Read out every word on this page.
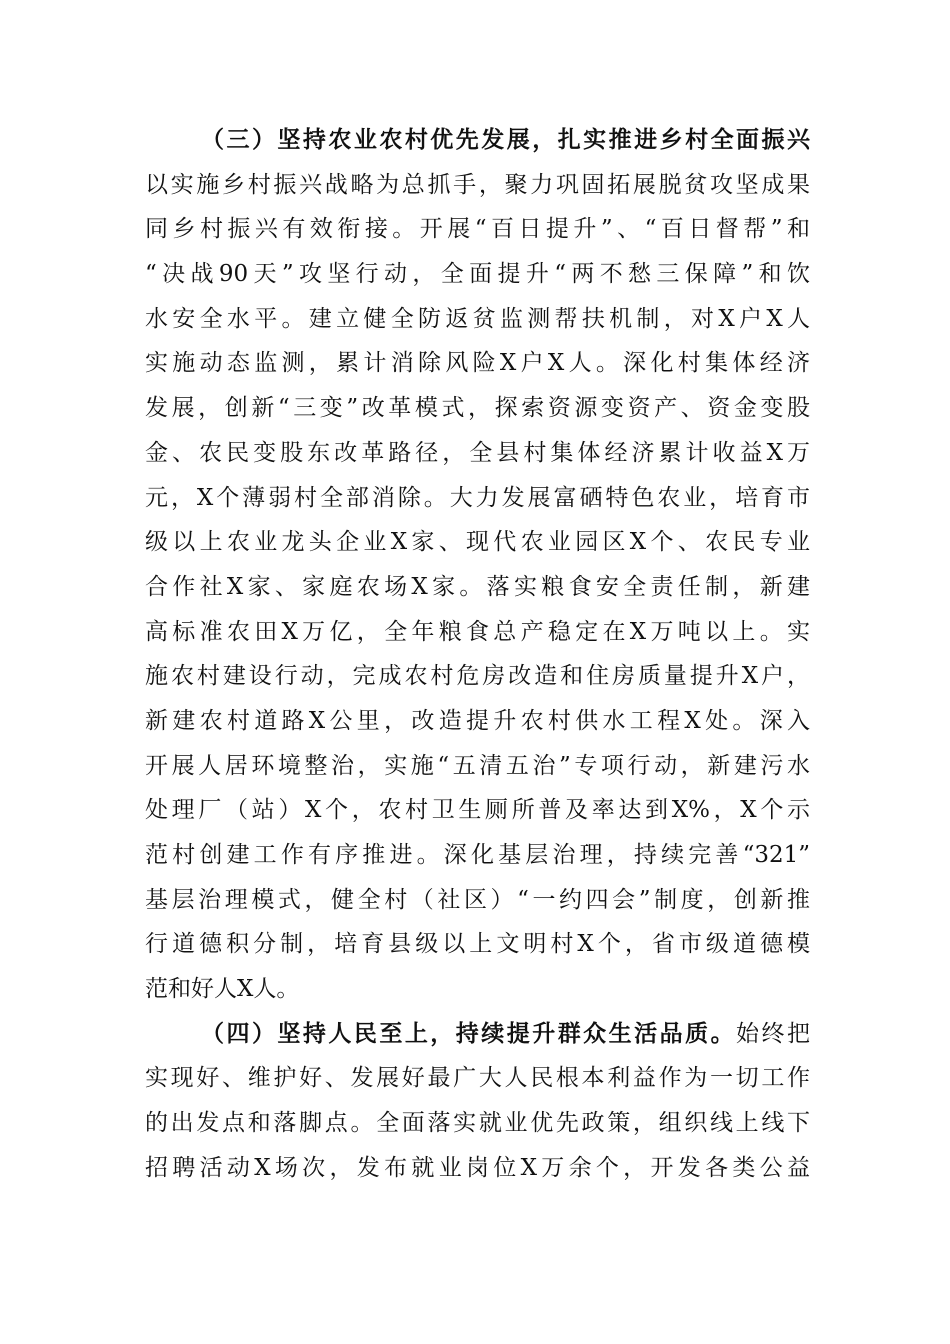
（三）坚持农业农村优先发展，扎实推进乡村全面振兴
以实施乡村振兴战略为总抓手，聚力巩固拓展脱贫攻坚成果
同乡村振兴有效衔接。开展“百日提升”、“百日督帮”和
“决战90天”攻坚行动，全面提升“两不愁三保障”和饮
水安全水平。建立健全防返贫监测帮扶机制，对X户X人
实施动态监测，累计消除风险X户X人。深化村集体经济
发展，创新“三变”改革模式，探索资源变资产、资金变股
金、农民变股东改革路径，全县村集体经济累计收益X万
元，X个薄弱村全部消除。大力发展富硒特色农业，培育市
级以上农业龙头企业X家、现代农业园区X个、农民专业
合作社X家、家庭农场X家。落实粮食安全责任制，新建
高标准农田X万亿，全年粮食总产稳定在X万吨以上。实
施农村建设行动，完成农村危房改造和住房质量提升X户，
新建农村道路X公里，改造提升农村供水工程X处。深入
开展人居环境整治，实施“五清五治”专项行动，新建污水
处理厂（站）X个，农村卫生厕所普及率达到X%，X个示
范村创建工作有序推进。深化基层治理，持续完善“321”
基层治理模式，健全村（社区）“一约四会”制度，创新推
行道德积分制，培育县级以上文明村X个，省市级道德模
范和好人X人。
（四）坚持人民至上，持续提升群众生活品质。始终把
实现好、维护好、发展好最广大人民根本利益作为一切工作
的出发点和落脚点。全面落实就业优先政策，组织线上线下
招聘活动X场次，发布就业岗位X万余个，开发各类公益
